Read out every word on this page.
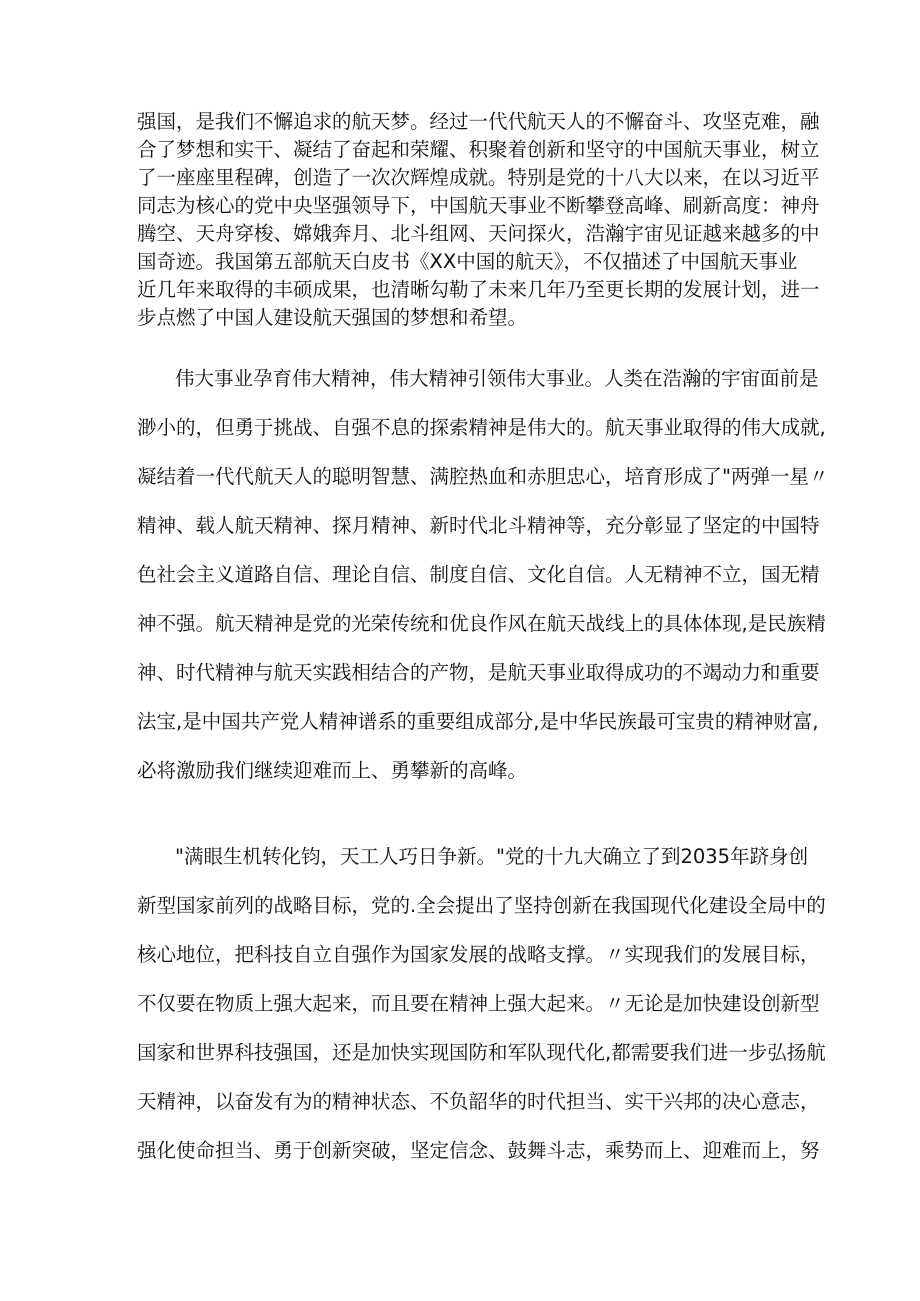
强国，是我们不懈追求的航天梦。经过一代代航天人的不懈奋斗、攻坚克难，融
合了梦想和实干、凝结了奋起和荣耀、积聚着创新和坚守的中国航天事业，树立
了一座座里程碑，创造了一次次辉煌成就。特别是党的十八大以来，在以习近平
同志为核心的党中央坚强领导下，中国航天事业不断攀登高峰、刷新高度：神舟
腾空、天舟穿梭、嫦娥奔月、北斗组网、天问探火，浩瀚宇宙见证越来越多的中
国奇迹。我国第五部航天白皮书《XX中国的航天》，不仅描述了中国航天事业
近几年来取得的丰硕成果，也清晰勾勒了未来几年乃至更长期的发展计划，进一
步点燃了中国人建设航天强国的梦想和希望。
伟大事业孕育伟大精神，伟大精神引领伟大事业。人类在浩瀚的宇宙面前是
渺小的，但勇于挑战、自强不息的探索精神是伟大的。航天事业取得的伟大成就,
凝结着一代代航天人的聪明智慧、满腔热血和赤胆忠心，培育形成了"两弹一星〃
精神、载人航天精神、探月精神、新时代北斗精神等，充分彰显了坚定的中国特
色社会主义道路自信、理论自信、制度自信、文化自信。人无精神不立，国无精
神不强。航天精神是党的光荣传统和优良作风在航天战线上的具体体现,是民族精
神、时代精神与航天实践相结合的产物，是航天事业取得成功的不竭动力和重要
法宝,是中国共产党人精神谱系的重要组成部分,是中华民族最可宝贵的精神财富,
必将激励我们继续迎难而上、勇攀新的高峰。
"满眼生机转化钧，天工人巧日争新。"党的十九大确立了到2035年跻身创
新型国家前列的战略目标，党的.全会提出了坚持创新在我国现代化建设全局中的
核心地位，把科技自立自强作为国家发展的战略支撑。〃实现我们的发展目标，
不仅要在物质上强大起来，而且要在精神上强大起来。〃无论是加快建设创新型
国家和世界科技强国，还是加快实现国防和军队现代化,都需要我们进一步弘扬航
天精神，以奋发有为的精神状态、不负韶华的时代担当、实干兴邦的决心意志，
强化使命担当、勇于创新突破，坚定信念、鼓舞斗志，乘势而上、迎难而上，努
